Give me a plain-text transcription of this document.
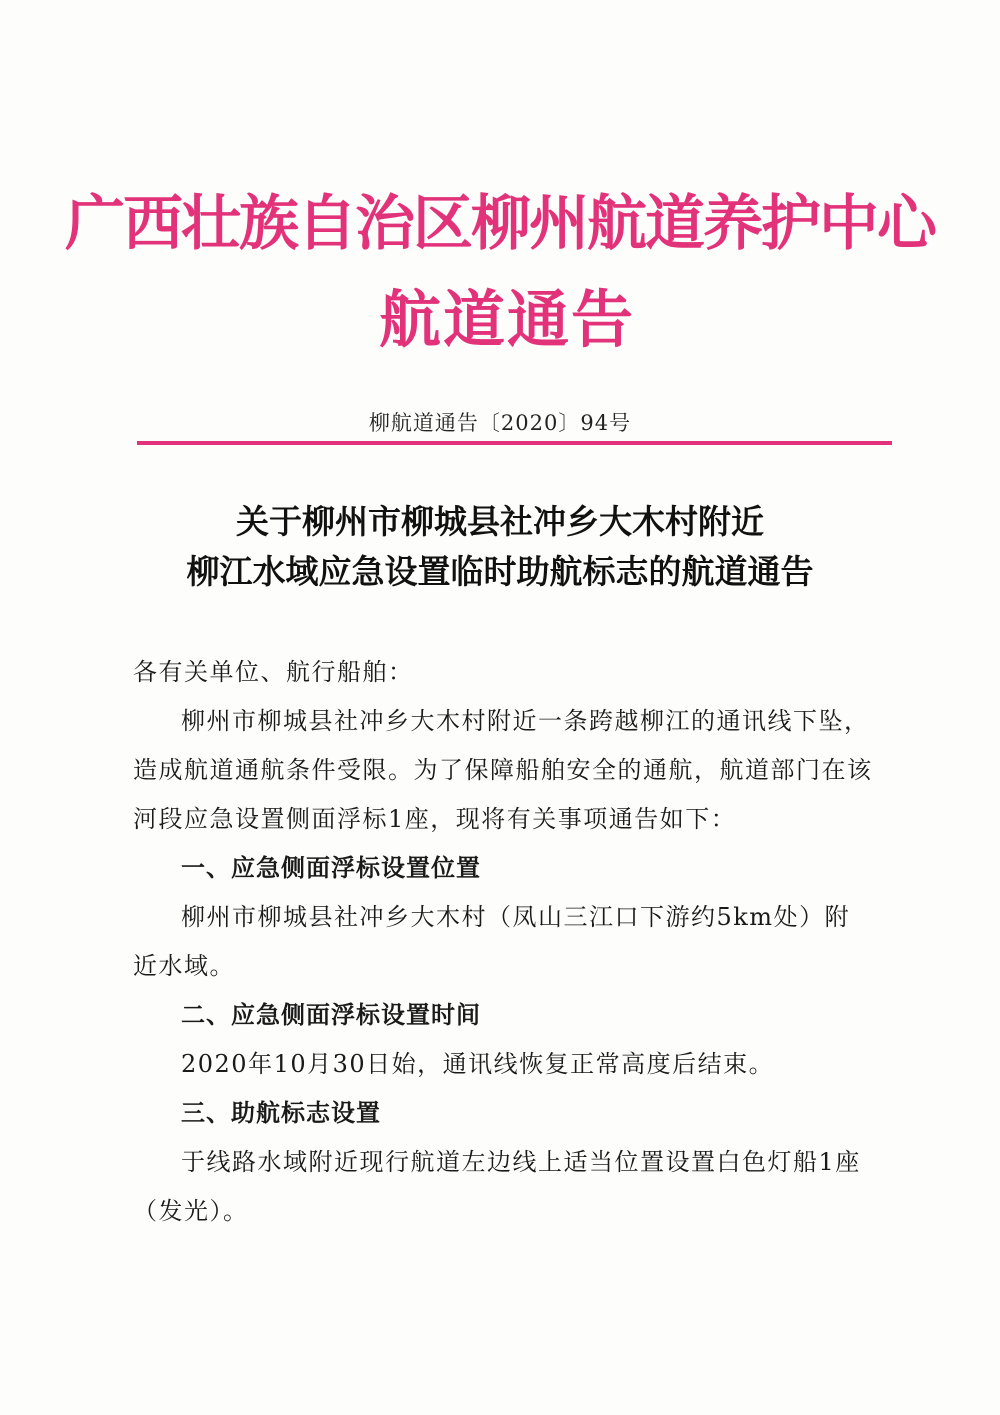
广西壮族自治区柳州航道养护中心
航道通告
柳航道通告〔2020〕94号
关于柳州市柳城县社冲乡大木村附近
柳江水域应急设置临时助航标志的航道通告

各有关单位、航行船舶：

柳州市柳城县社冲乡大木村附近一条跨越柳江的通讯线下坠，造成航道通航条件受限。为了保障船舶安全的通航，航道部门在该河段应急设置侧面浮标1座，现将有关事项通告如下：

一、应急侧面浮标设置位置

柳州市柳城县社冲乡大木村（凤山三江口下游约5km处）附近水域。

二、应急侧面浮标设置时间

2020年10月30日始，通讯线恢复正常高度后结束。

三、助航标志设置

于线路水域附近现行航道左边线上适当位置设置白色灯船1座（发光）。
